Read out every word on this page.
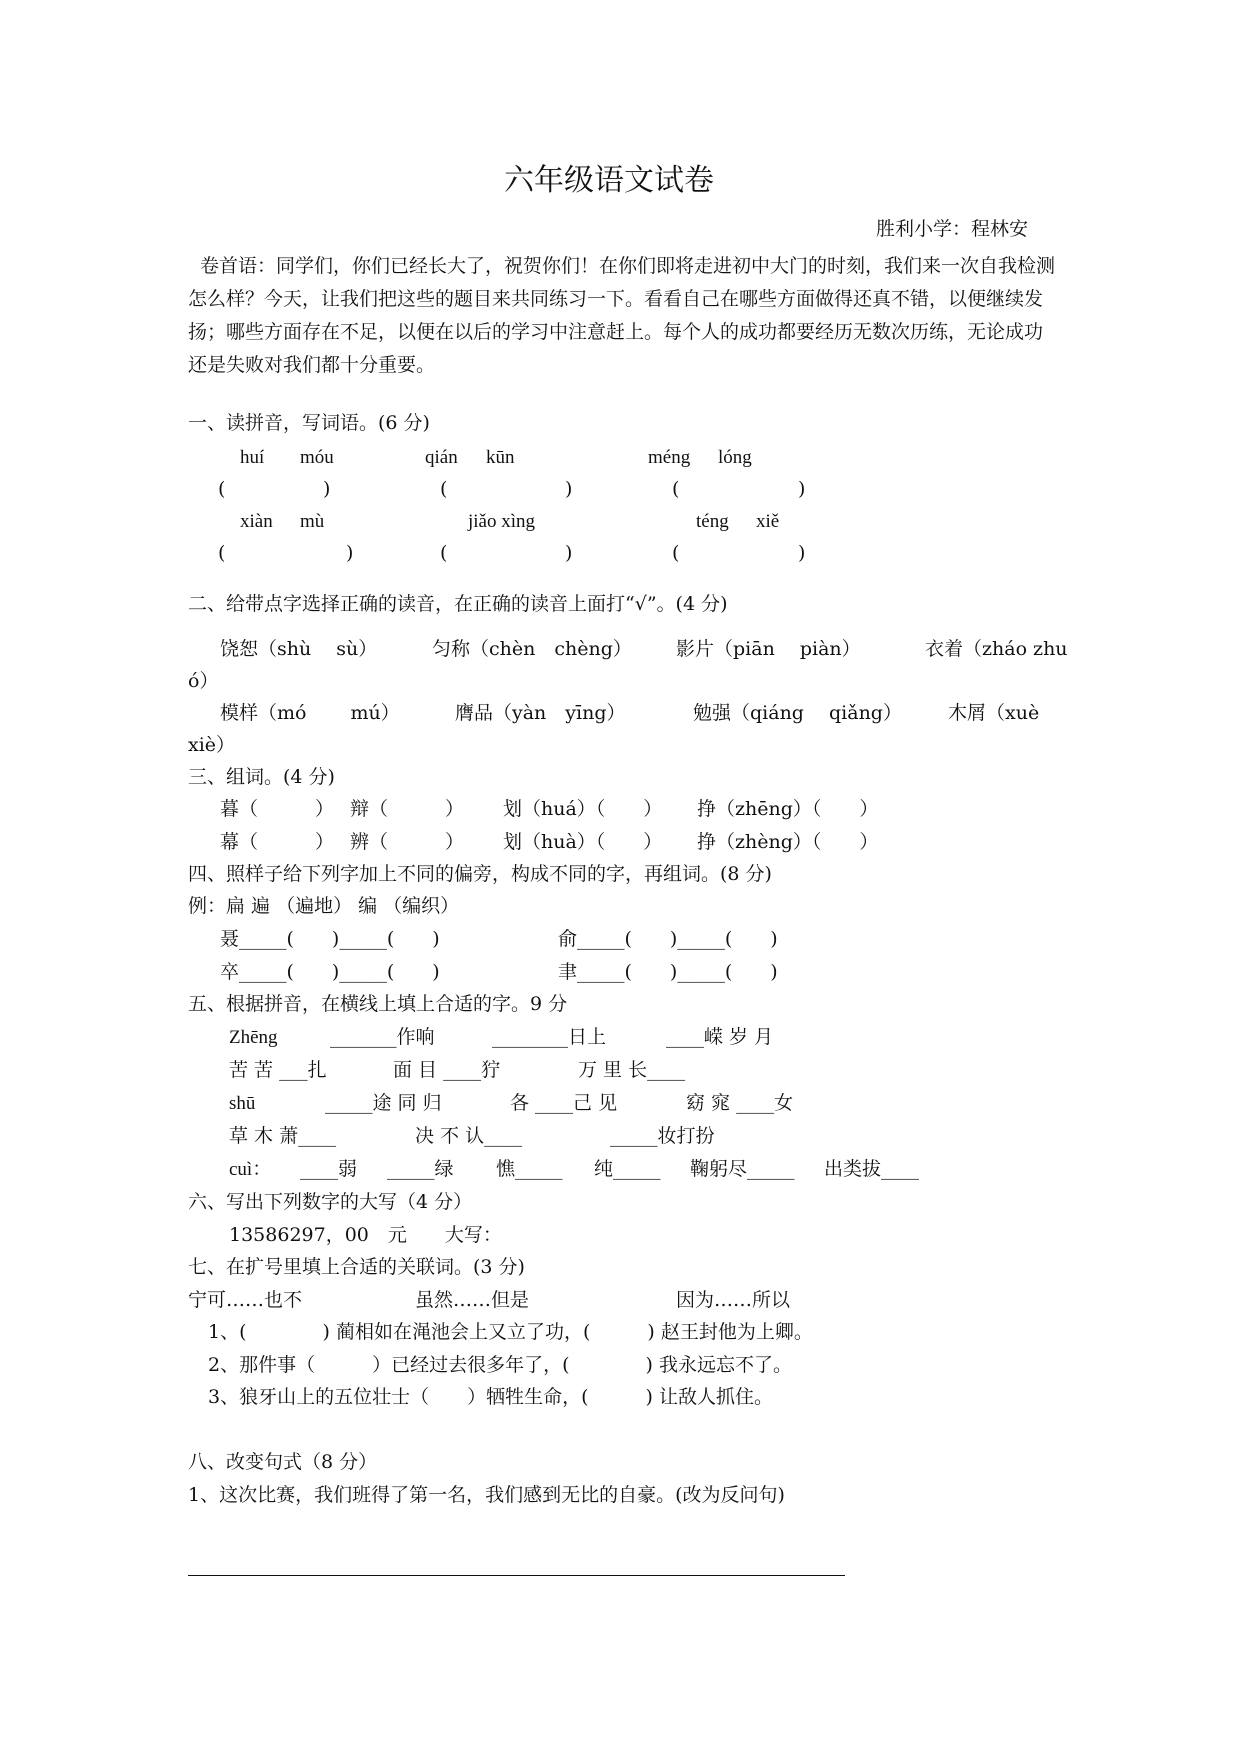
六年级语文试卷
胜利小学：程林安
卷首语：同学们，你们已经长大了，祝贺你们！在你们即将走进初中大门的时刻，我们来一次自我检测怎么样？今天，让我们把这些的题目来共同练习一下。看看自己在哪些方面做得还真不错，以便继续发扬；哪些方面存在不足，以便在以后的学习中注意赶上。每个人的成功都要经历无数次历练，无论成功还是失败对我们都十分重要。
一、读拼音，写词语。(6 分)
huí móu	qián kūn	méng lóng
(	)	(	)	(	)
xiàn mù	jiǎo xìng	téng xiě
(	)	(	)	(	)
二、给带点字选择正确的读音，在正确的读音上面打“√”。(4 分)
饶恕（shù　 sù）	匀称（chèn　chèng） 影片（piān　 piàn）	衣着（zháo zhu
ó）
模样（mó　　 mú）	膺品（yàn　yīng）	勉强（qiáng　 qiǎng） 木屑（xuè
xiè）
三、组词。(4 分)
暮（　　　） 辩（　　　） 划（huá）（　　） 挣（zhēng）（　　）
幕（　　　） 辨（　　　） 划（huà）（　　） 挣（zhèng）（　　）
四、照样子给下列字加上不同的偏旁，构成不同的字，再组词。(8 分)
例：扁 遍 （遍地） 编 （编织）
聂_____(　　)_____(　　)	俞_____(　　)_____(　　)
卒_____(　　)_____(　　)	聿_____(　　)_____(　　)
五、根据拼音，在横线上填上合适的字。9 分
Zhēng	_______作响	________日上	____嵘 岁 月
苦 苦 ___扎	面 目 ____狞	万 里 长____
shū	_____途 同 归	各 ____己 见	窈 窕 ____女
草 木 萧____	决 不 认____	_____妆打扮
cuì： ____弱 _____绿 憔_____ 纯_____ 鞠躬尽_____ 出类拔____
六、写出下列数字的大写（4 分）
13586297，00　元　　大写：
七、在扩号里填上合适的关联词。(3 分)
宁可……也不	虽然……但是	因为……所以
1、(　　　　) 蔺相如在渑池会上又立了功，(　　　) 赵王封他为上卿。
2、那件事（　　　）已经过去很多年了，(　　　　) 我永远忘不了。
3、狼牙山上的五位壮士（　　）牺牲生命，(　　　) 让敌人抓住。
八、改变句式（8 分）
1、这次比赛，我们班得了第一名，我们感到无比的自豪。(改为反问句)
